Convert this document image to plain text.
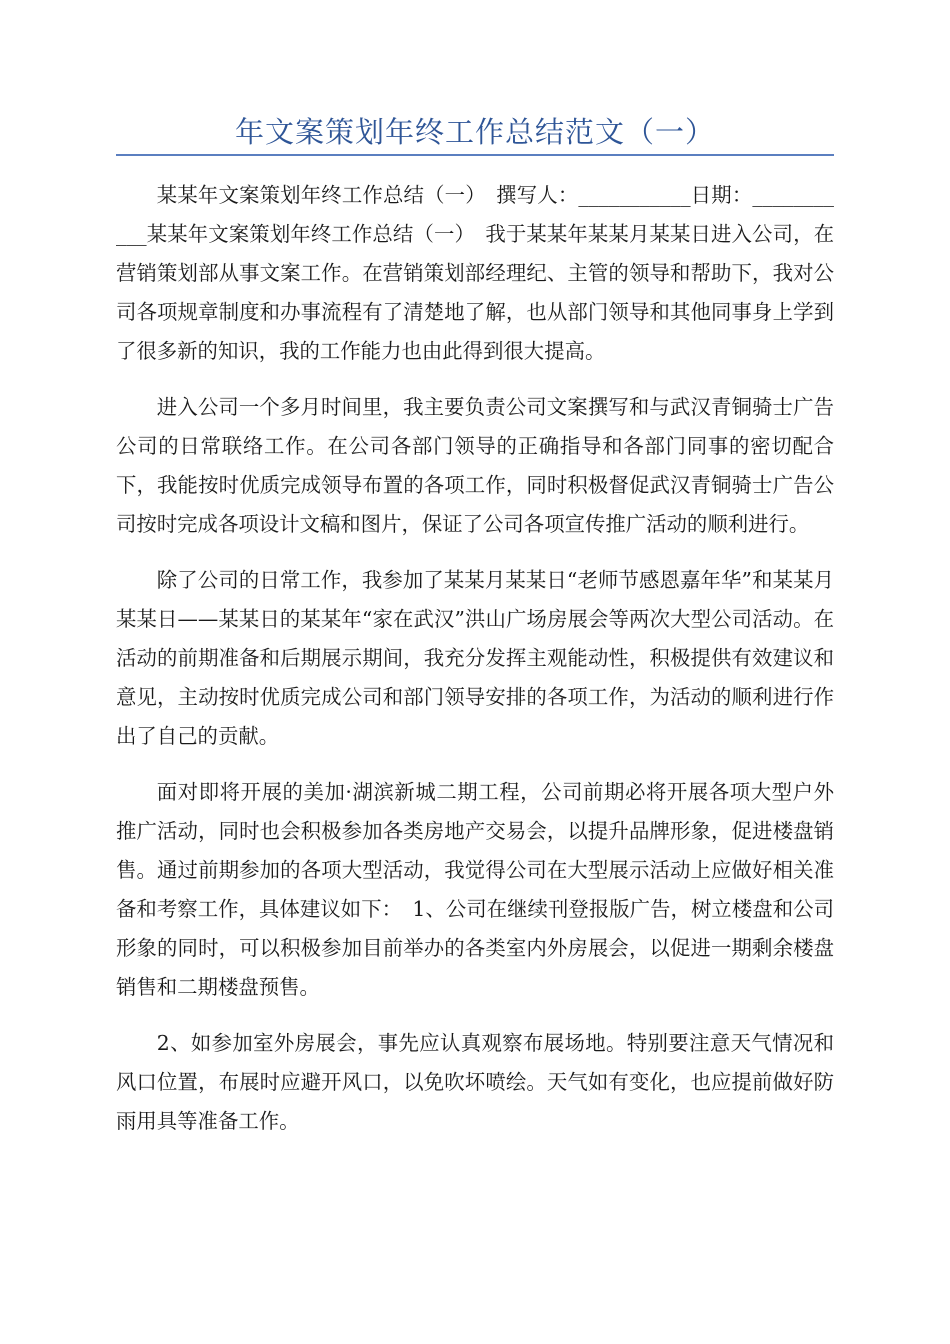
年文案策划年终工作总结范文（一）

某某年文案策划年终工作总结（一）　撰写人：___________日期：___________某某年文案策划年终工作总结（一）　我于某某年某某月某某日进入公司，在营销策划部从事文案工作。在营销策划部经理纪、主管的领导和帮助下，我对公司各项规章制度和办事流程有了清楚地了解，也从部门领导和其他同事身上学到了很多新的知识，我的工作能力也由此得到很大提高。

进入公司一个多月时间里，我主要负责公司文案撰写和与武汉青铜骑士广告公司的日常联络工作。在公司各部门领导的正确指导和各部门同事的密切配合下，我能按时优质完成领导布置的各项工作，同时积极督促武汉青铜骑士广告公司按时完成各项设计文稿和图片，保证了公司各项宣传推广活动的顺利进行。

除了公司的日常工作，我参加了某某月某某日“老师节感恩嘉年华”和某某月某某日——某某日的某某年“家在武汉”洪山广场房展会等两次大型公司活动。在活动的前期准备和后期展示期间，我充分发挥主观能动性，积极提供有效建议和意见，主动按时优质完成公司和部门领导安排的各项工作，为活动的顺利进行作出了自己的贡献。

面对即将开展的美加·湖滨新城二期工程，公司前期必将开展各项大型户外推广活动，同时也会积极参加各类房地产交易会，以提升品牌形象，促进楼盘销售。通过前期参加的各项大型活动，我觉得公司在大型展示活动上应做好相关准备和考察工作，具体建议如下：　1、公司在继续刊登报版广告，树立楼盘和公司形象的同时，可以积极参加目前举办的各类室内外房展会，以促进一期剩余楼盘销售和二期楼盘预售。

2、如参加室外房展会，事先应认真观察布展场地。特别要注意天气情况和风口位置，布展时应避开风口，以免吹坏喷绘。天气如有变化，也应提前做好防雨用具等准备工作。
